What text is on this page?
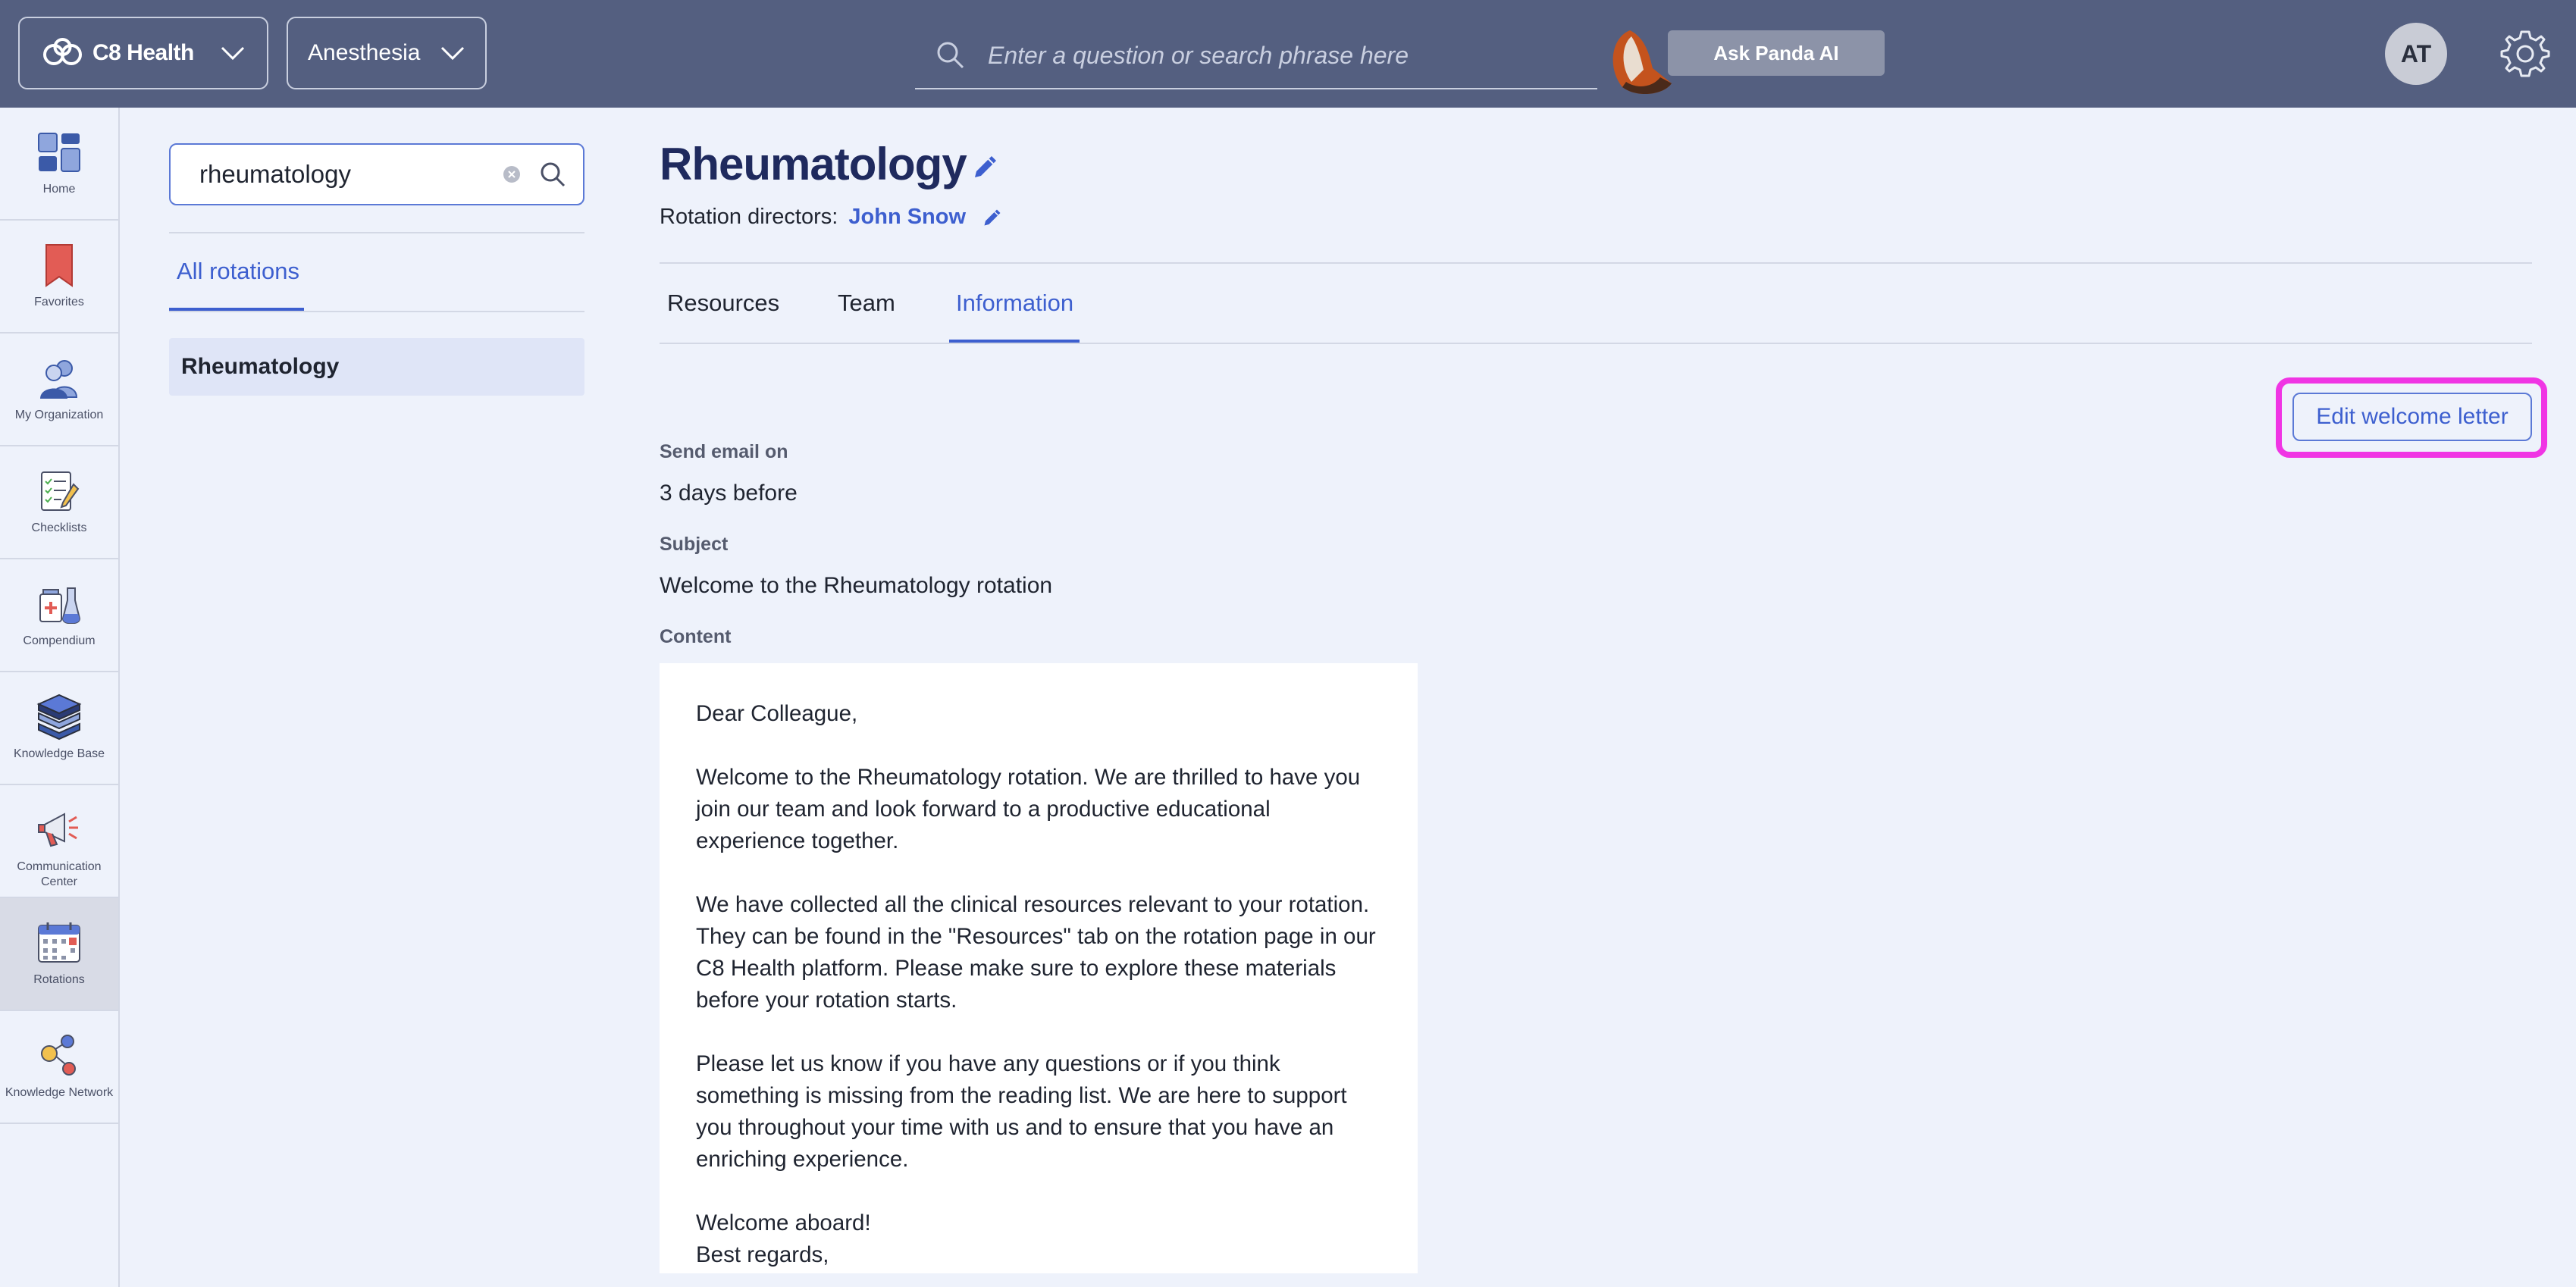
C8 Health	Anesthesia
Enter a question or search phrase here	Ask Panda AI	AT
Home
Favorites
My Organization
Checklists
Compendium
Knowledge Base
Communication Center
Rotations
Knowledge Network
rheumatology
All rotations
Rheumatology
Rheumatology
Rotation directors: John Snow
Resources Team	Information
Edit welcome letter
Send email on
3 days before
Subject
Welcome to the Rheumatology rotation
Content

Dear Colleague,

Welcome to the Rheumatology rotation. We are thrilled to have you join our team and look forward to a productive educational experience together.

We have collected all the clinical resources relevant to your rotation. They can be found in the "Resources" tab on the rotation page in our C8 Health platform. Please make sure to explore these materials before your rotation starts.

Please let us know if you have any questions or if you think something is missing from the reading list. We are here to support you throughout your time with us and to ensure that you have an enriching experience.

Welcome aboard!

Best regards,
